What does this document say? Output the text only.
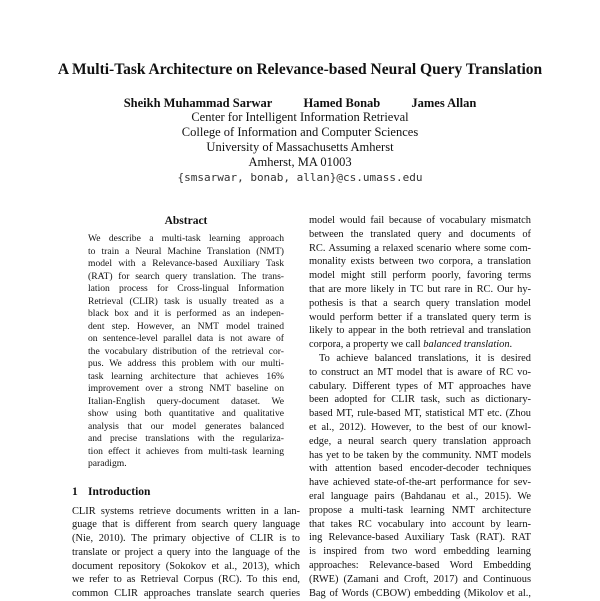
A Multi-Task Architecture on Relevance-based Neural Query Translation
Sheikh Muhammad Sarwar Hamed Bonab James Allan
Center for Intelligent Information Retrieval
College of Information and Computer Sciences
University of Massachusetts Amherst
Amherst, MA 01003
{smsarwar, bonab, allan}@cs.umass.edu
Abstract
We describe a multi-task learning approach
to train a Neural Machine Translation (NMT)
model with a Relevance-based Auxiliary Task
(RAT) for search query translation. The trans-
lation process for Cross-lingual Information
Retrieval (CLIR) task is usually treated as a
black box and it is performed as an indepen-
dent step. However, an NMT model trained
on sentence-level parallel data is not aware of
the vocabulary distribution of the retrieval cor-
pus. We address this problem with our multi-
task learning architecture that achieves 16%
improvement over a strong NMT baseline on
Italian-English query-document dataset. We
show using both quantitative and qualitative
analysis that our model generates balanced
and precise translations with the regulariza-
tion effect it achieves from multi-task learning
paradigm.
1 Introduction
CLIR systems retrieve documents written in a lan-
guage that is different from search query language
(Nie, 2010). The primary objective of CLIR is to
translate or project a query into the language of the
document repository (Sokokov et al., 2013), which
we refer to as Retrieval Corpus (RC). To this end,
common CLIR approaches translate search queries
model would fail because of vocabulary mismatch
between the translated query and documents of
RC. Assuming a relaxed scenario where some com-
monality exists between two corpora, a translation
model might still perform poorly, favoring terms
that are more likely in TC but rare in RC. Our hy-
pothesis is that a search query translation model
would perform better if a translated query term is
likely to appear in the both retrieval and translation
corpora, a property we call balanced translation.
To achieve balanced translations, it is desired
to construct an MT model that is aware of RC vo-
cabulary. Different types of MT approaches have
been adopted for CLIR task, such as dictionary-
based MT, rule-based MT, statistical MT etc. (Zhou
et al., 2012). However, to the best of our knowl-
edge, a neural search query translation approach
has yet to be taken by the community. NMT models
with attention based encoder-decoder techniques
have achieved state-of-the-art performance for sev-
eral language pairs (Bahdanau et al., 2015). We
propose a multi-task learning NMT architecture
that takes RC vocabulary into account by learn-
ing Relevance-based Auxiliary Task (RAT). RAT
is inspired from two word embedding learning
approaches: Relevance-based Word Embedding
(RWE) (Zamani and Croft, 2017) and Continuous
Bag of Words (CBOW) embedding (Mikolov et al.,
